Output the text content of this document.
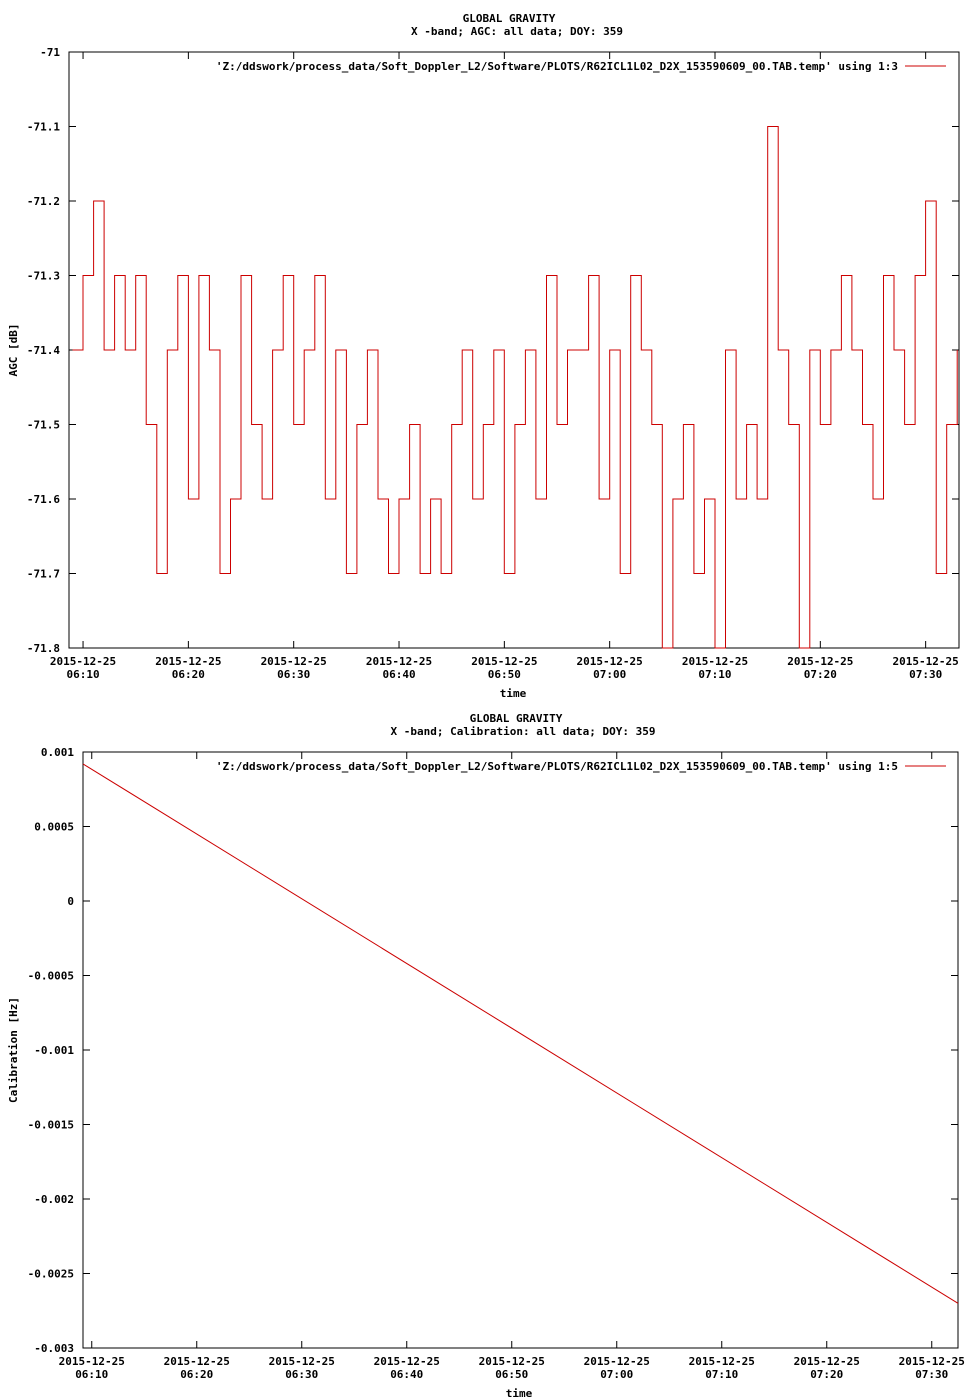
GLOBAL GRAVITY
X -band; AGC: all data; DOY: 359
-71
-71.1
-71.2
-71.3
-71.4
-71.5
-71.6
-71.7
-71.8
2015-12-25
06:10
2015-12-25
06:20
2015-12-25
06:30
2015-12-25
06:40
2015-12-25
06:50
2015-12-25
07:00
2015-12-25
07:10
2015-12-25
07:20
2015-12-25
07:30
'Z:/ddswork/process_data/Soft_Doppler_L2/Software/PLOTS/R62ICL1L02_D2X_153590609_00.TAB.temp' using 1:3
AGC [dB]
time
GLOBAL GRAVITY
X -band; Calibration: all data; DOY: 359
0.001
0.0005
0
-0.0005
-0.001
-0.0015
-0.002
-0.0025
-0.003
2015-12-25
06:10
2015-12-25
06:20
2015-12-25
06:30
2015-12-25
06:40
2015-12-25
06:50
2015-12-25
07:00
2015-12-25
07:10
2015-12-25
07:20
2015-12-25
07:30
'Z:/ddswork/process_data/Soft_Doppler_L2/Software/PLOTS/R62ICL1L02_D2X_153590609_00.TAB.temp' using 1:5
Calibration [Hz]
time
